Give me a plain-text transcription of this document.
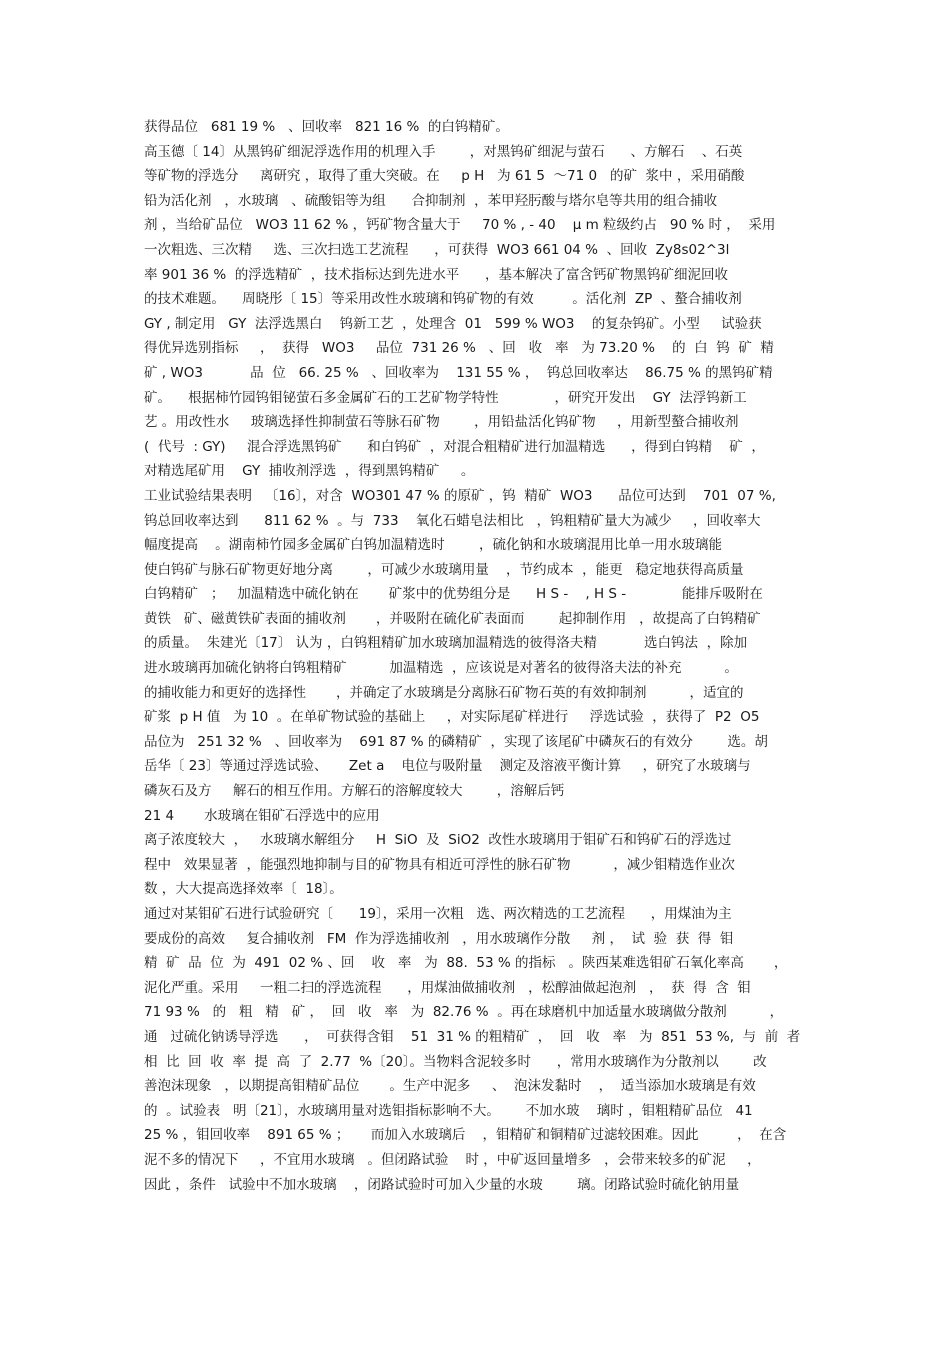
获得品位   681 19 %   、回收率   821 16 %  的白钨精矿。
高玉德〔 14〕从黑钨矿细泥浮选作用的机理入手        ，对黑钨矿细泥与萤石      、方解石    、石英
等矿物的浮选分     离研究 ，取得了重大突破。在     p H   为 61 5  ～71 0   的矿  浆中 ，采用硝酸
铅为活化剂   ，水玻璃   、硫酸铝等为组      合抑制剂  ，苯甲羟肟酸与塔尔皂等共用的组合捕收
剂 ，当给矿品位   WO3 11 62 % ，钙矿物含量大于     70 % , - 40    μ m 粒级约占   90 % 时 ，  采用
一次粗选、三次精     选、三次扫选工艺流程      ，可获得  WO3 661 04 %  、回收  Zy8s02^3l
率 901 36 %  的浮选精矿  ，技术指标达到先进水平      ，基本解决了富含钙矿物黑钨矿细泥回收
的技术难题。    周晓彤〔 15〕等采用改性水玻璃和钨矿物的有效         。活化剂  ZP  、螯合捕收剂
GY , 制定用   GY  法浮选黑白    钨新工艺  ，处理含  01   599 % WO3    的复杂钨矿。小型     试验获
得优异选别指标     ，  获得   WO3     品位  731 26 %   、回   收   率   为 73.20 %    的  白  钨  矿  精
矿 , WO3           品  位   66. 25 %   、回收率为    131 55 % ，  钨总回收率达    86.75 % 的黑钨矿精
矿。    根据柿竹园钨钼铋萤石多金属矿石的工艺矿物学特性             ，研究开发出    GY  法浮钨新工
艺 。用改性水     玻璃选择性抑制萤石等脉石矿物        ，用铅盐活化钨矿物     ，用新型螯合捕收剂
(  代号  : GY)     混合浮选黑钨矿      和白钨矿  ，对混合粗精矿进行加温精选      ，得到白钨精    矿  ，
对精选尾矿用    GY  捕收剂浮选  ，得到黑钨精矿     。
工业试验结果表明   〔16〕，对含  WO301 47 % 的原矿 ，钨  精矿  WO3      品位可达到    701  07 %,
钨总回收率达到      811 62 %  。与  733    氧化石蜡皂法相比   ，钨粗精矿量大为减少     ，回收率大
幅度提高    。湖南柿竹园多金属矿白钨加温精选时        ，硫化钠和水玻璃混用比单一用水玻璃能
使白钨矿与脉石矿物更好地分离        ，可减少水玻璃用量    ，节约成本  ，能更   稳定地获得高质量
白钨精矿   ；   加温精选中硫化钠在       矿浆中的优势组分是      H S -    , H S -             能排斥吸附在
黄铁   矿、磁黄铁矿表面的捕收剂       ，并吸附在硫化矿表面而        起抑制作用   ，故提高了白钨精矿
的质量。  朱建光〔17〕 认为 ，白钨粗精矿加水玻璃加温精选的彼得洛夫精           选白钨法  ，除加
进水玻璃再加硫化钠将白钨粗精矿          加温精选  ，应该说是对著名的彼得洛夫法的补充          。
的捕收能力和更好的选择性       ，并确定了水玻璃是分离脉石矿物石英的有效抑制剂          ，适宜的
矿浆  p H 值   为 10  。在单矿物试验的基础上     ，对实际尾矿样进行     浮选试验  ，获得了  P2  O5
品位为   251 32 %   、回收率为    691 87 % 的磷精矿  ，实现了该尾矿中磷灰石的有效分        选。胡
岳华〔 23〕等通过浮选试验、     Zet a    电位与吸附量    测定及溶液平衡计算     ，研究了水玻璃与
磷灰石及方     解石的相互作用。方解石的溶解度较大        ，溶解后钙
21 4       水玻璃在钼矿石浮选中的应用
离子浓度较大  ，   水玻璃水解组分     H  SiO  及  SiO2  改性水玻璃用于钼矿石和钨矿石的浮选过
程中   效果显著  ，能强烈地抑制与目的矿物具有相近可浮性的脉石矿物          ，减少钼精选作业次
数 ，大大提高选择效率〔  18〕。
通过对某钼矿石进行试验研究〔      19〕，采用一次粗   选、两次精选的工艺流程      ，用煤油为主
要成份的高效     复合捕收剂   FM  作为浮选捕收剂   ，用水玻璃作分散     剂 ，  试  验  获  得  钼
精  矿  品  位  为  491  02 % 、回    收   率   为  88.  53 % 的指标   。陕西某难选钼矿石氧化率高       ，
泥化严重。采用     一粗二扫的浮选流程      ，用煤油做捕收剂   ，松醇油做起泡剂   ，  获  得  含  钼
71 93 %   的   粗   精   矿 ，  回   收   率   为  82.76 %  。再在球磨机中加适量水玻璃做分散剂          ，
通   过硫化钠诱导浮选      ，  可获得含钼    51  31 % 的粗精矿  ，  回   收   率   为  851  53 %,  与  前  者
相  比  回  收  率  提  高  了  2.77  %〔20〕。当物料含泥较多时      ，常用水玻璃作为分散剂以        改
善泡沫现象   ，以期提高钼精矿品位       。生产中泥多     、  泡沫发黏时    ，  适当添加水玻璃是有效
的  。试验表   明〔21〕，水玻璃用量对选钼指标影响不大。      不加水玻    璃时 ，钼粗精矿品位   41
25 % ，钼回收率    891 65 % ；     而加入水玻璃后    ，钼精矿和铜精矿过滤较困难。因此         ，  在含
泥不多的情况下     ，不宜用水玻璃   。但闭路试验    时 ，中矿返回量增多   ，会带来较多的矿泥     ，
因此 ，条件   试验中不加水玻璃    ，闭路试验时可加入少量的水玻        璃。闭路试验时硫化钠用量
